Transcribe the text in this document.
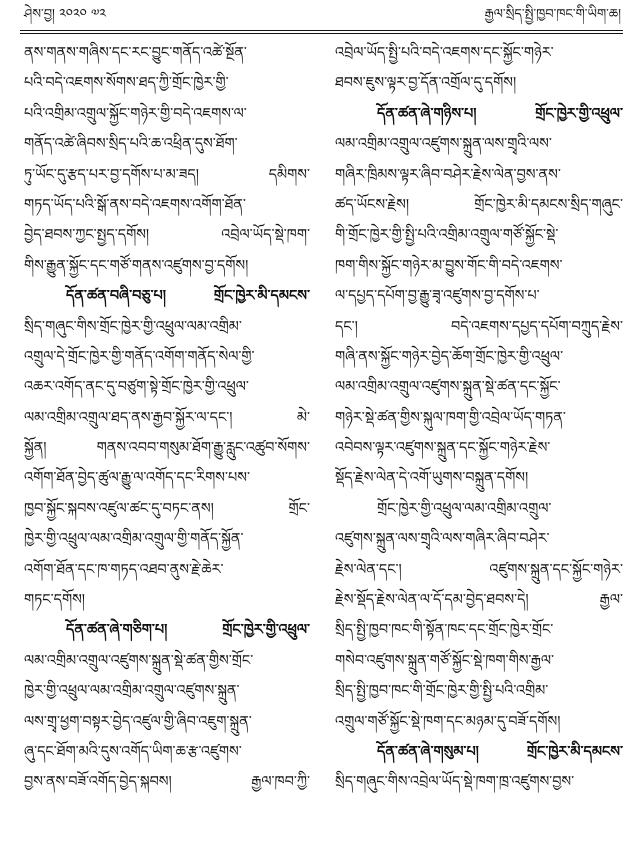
ཤེས་བྱ། ༢༠༢༠ ༧༢	རྒྱལ་སྲིད་སྤྱི་ཁྱབ་ཁང་གི་ཡིག་ཆ།
ནས་གནས་གཞིས་དང་རང་བྱུང་གནོད་འཚེ་སྔོན་
པའི་བདེ་འཇགས་སོགས་ཐད་ཀྱི་གྲོང་ཁྱེར་གྱི་
པའི་འགྲིམ་འགྲུལ་སྐྱོང་གཉེར་གྱི་བདེ་འཇགས་ལ་
གནོད་འཚེ་ཞིབས་སྲིད་པའི་ཆ་འཕྲིན་དུས་ཐོག་
ཏུ་ཡོང་དུ་རྩད་པར་བྱ་དགོས་པ་མ་ཟད། དམིགས་
གཏད་ཡོད་པའི་སྒོ་ནས་བདེ་འཇགས་འགོག་ཐོན་
བྱེད་ཐབས་ཀྱང་སྤྱད་དགོས། འབྲེལ་ཡོད་སྡེ་ཁག་
གིས་རྒྱུན་སྐྱོང་དང་གཙོ་གནས་འཛུགས་བྱ་དགོས།
དོན་ཚན་བཞི་བཅུ་པ། གྲོང་ཁྱེར་མི་དམངས་
སྲིད་གཞུང་གིས་གྲོང་ཁྱེར་གྱི་འཕྲུལ་ལམ་འགྲིམ་
འགྲུལ་དེ་གྲོང་ཁྱེར་གྱི་གནོད་འགོག་གནོད་སེལ་གྱི་
འཆར་འགོད་ནང་དུ་བཙུག་སྟེ་གྲོང་ཁྱེར་གྱི་འཕྲུལ་
ལམ་འགྲིམ་འགྲུལ་ཐད་ནས་རྒྱབ་སྐྱོར་ལ་དང་། མེ་
སྐྱོན། གནས་འབབ་གསུམ་ཐོག་རྒྱུ་རླུང་འཚུབ་སོགས་
འགོག་ཐོན་བྱེད་ཚུལ་རྒྱུ་ལ་འགོད་དང་རིགས་པས་
ཁྱབ་སྐྱོང་སྐབས་འཛུལ་ཚང་དུ་བཏང་ནས། གྲོང་
ཁྱེར་གྱི་འཕྲུལ་ལམ་འགྲིམ་འགྲུལ་གྱི་གནོད་སྐྱོན་
འགོག་ཐོན་དང་ཁ་གཏད་འཐབ་ནུས་རྗེ་ཆེར་
གཏང་དགོས།
དོན་ཚན་ཞེ་གཅིག་པ། གྲོང་ཁྱེར་གྱི་འཕྲུལ་
ལམ་འགྲིམ་འགྲུལ་འཛུགས་སྐྲུན་སྡེ་ཚན་གྱིས་གྲོང་
ཁྱེར་གྱི་འཕྲུལ་ལམ་འགྲིམ་འགྲུལ་འཛུགས་སྐྲུན་
ལས་གྲྭ་ཕྱག་བསྟར་བྱེད་འཛུལ་གྱི་ཞིབ་འཇུག་སྐྲུན་
ཞུ་དང་ཐོག་མའི་དུས་འགོད་ཡིག་ཆ་རྩ་འཛུགས་
བྱས་ནས་བཟོ་འགོད་བྱེད་སྐབས། རྒྱལ་ཁབ་ཀྱི་
འབྲེལ་ཡོད་སྤྱི་པའི་བདེ་འཇགས་དང་སྐྱོང་གཉེར་
ཐབས་ཇུས་ལྟར་བྱ་དོན་འགྲོལ་དུ་དགོས།
དོན་ཚན་ཞེ་གཉིས་པ། གྲོང་ཁྱེར་གྱི་འཕྲུལ་
ལམ་འགྲིམ་འགྲུལ་འཛུགས་སྐྲུན་ལས་གྲྭའི་ལས་
གཞིར་ཁྲིམས་ལྟར་ཞིབ་བཤེར་རྗེས་ལེན་བྱས་ནས་
ཚད་ཡོངས་རྗེས། གྲོང་ཁྱེར་མི་དམངས་སྲིད་གཞུང་
གི་གྲོང་ཁྱེར་གྱི་སྤྱི་པའི་འགྲིམ་འགྲུལ་གཙོ་སྐྱོང་སྡེ་
ཁག་གིས་སྐྱོང་གཉེར་མ་བྱུས་གོང་གི་བདེ་འཇགས་
ལ་དཔྱད་དཔོག་བྱ་རྒྱུ་ཟྭ་འཛུགས་བྱ་དགོས་པ་
དང་། བདེ་འཇགས་དཔྱད་དཔོག་བཀྲུད་རྗེས་
གཞི་ནས་སྐྱོང་གཉེར་བྱེད་ཆོག་གྲོང་ཁྱེར་གྱི་འཕྲུལ་
ལམ་འགྲིམ་འགྲུལ་འཛུགས་སྐྲུན་སྡེ་ཚན་དང་སྐྱོང་
གཉེར་སྡེ་ཚན་གྱིས་སྐུལ་ཁག་གྱི་འབྲེལ་ཡོད་གཏན་
འབེབས་ལྟར་འཛུགས་སྐྲུན་དང་སྐྱོང་གཉེར་རྗེས་
སྡོད་རྗེས་ལེན་དེ་འགོ་ཡུགས་བསྐྲུན་དགོས།
གྲོང་ཁྱེར་གྱི་འཕྲུལ་ལམ་འགྲིམ་འགྲུལ་
འཛུགས་སྐྲུན་ལས་གྲྭའི་ལས་གཞིར་ཞིབ་བཤེར་
རྗེས་ལེན་དང་། འཛུགས་སྐྲུན་དང་སྐྱོང་གཉེར་
རྗེས་སྡོད་རྗེས་ལེན་ལ་དོ་དམ་བྱེད་ཐབས་དེ། རྒྱལ་
སྲིད་སྤྱི་ཁྱབ་ཁང་གི་སྟོན་ཁང་དང་གྲོང་ཁྱེར་གྲོང་
གསེབ་འཛུགས་སྐྲུན་གཙོ་སྐྱོང་སྡེ་ཁག་གིས་རྒྱལ་
སྲིད་སྤྱི་ཁྱབ་ཁང་གི་གྲོང་ཁྱེར་གྱི་སྤྱི་པའི་འགྲིམ་
འགྲུལ་གཙོ་སྐྱོང་སྡེ་ཁག་དང་མཉམ་དུ་བཟོ་དགོས།
དོན་ཚན་ཞེ་གསུམ་པ། གྲོང་ཁྱེར་མི་དམངས་
སྲིད་གཞུང་གིས་འབྲེལ་ཡོད་སྡེ་ཁག་ཁྲ་འཛུགས་བྱས་
